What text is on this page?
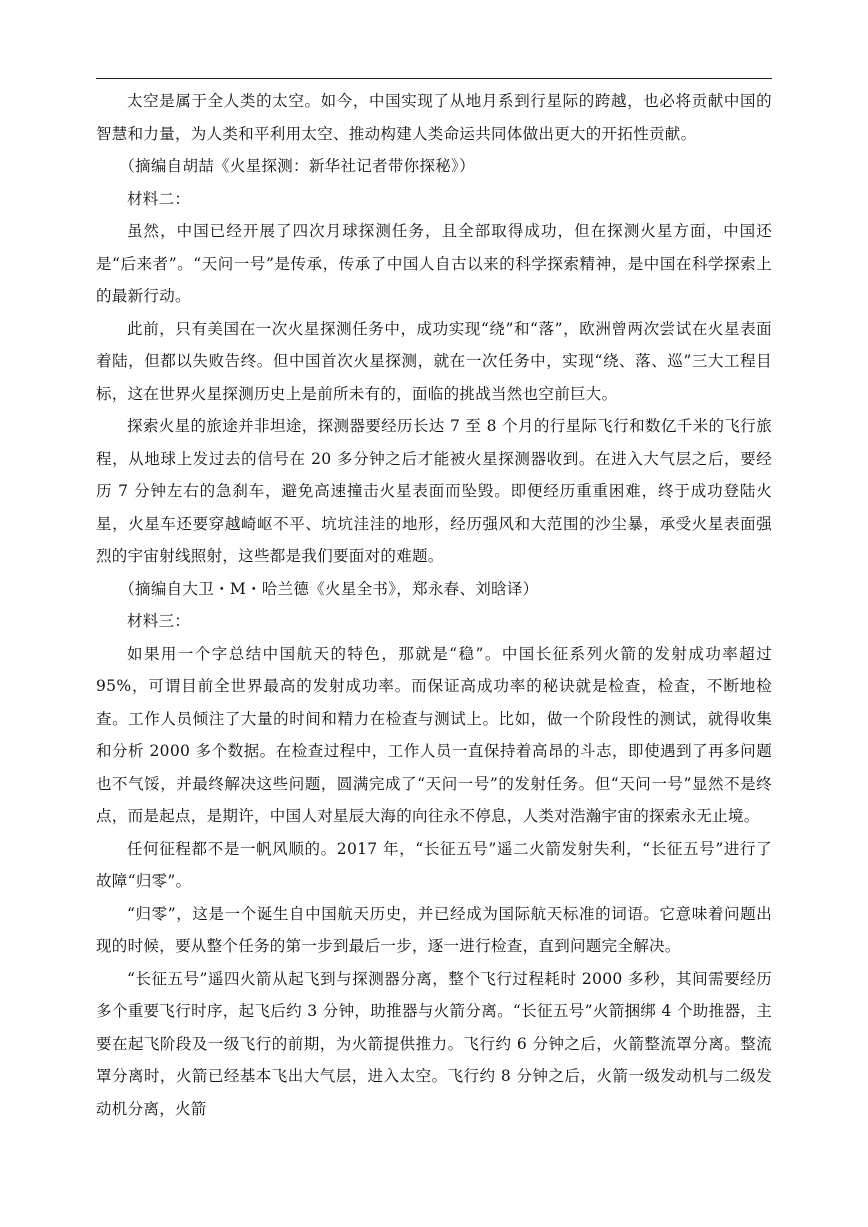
太空是属于全人类的太空。如今，中国实现了从地月系到行星际的跨越，也必将贡献中国的智慧和力量，为人类和平利用太空、推动构建人类命运共同体做出更大的开拓性贡献。

（摘编自胡喆《火星探测：新华社记者带你探秘》）

材料二：

虽然，中国已经开展了四次月球探测任务，且全部取得成功，但在探测火星方面，中国还是“后来者”。“天问一号”是传承，传承了中国人自古以来的科学探索精神，是中国在科学探索上的最新行动。

此前，只有美国在一次火星探测任务中，成功实现“绕”和“落”，欧洲曾两次尝试在火星表面着陆，但都以失败告终。但中国首次火星探测，就在一次任务中，实现“绕、落、巡”三大工程目标，这在世界火星探测历史上是前所未有的，面临的挑战当然也空前巨大。

探索火星的旅途并非坦途，探测器要经历长达 7 至 8 个月的行星际飞行和数亿千米的飞行旅程，从地球上发过去的信号在 20 多分钟之后才能被火星探测器收到。在进入大气层之后，要经历 7 分钟左右的急刹车，避免高速撞击火星表面而坠毁。即便经历重重困难，终于成功登陆火星，火星车还要穿越崎岖不平、坑坑洼洼的地形，经历强风和大范围的沙尘暴，承受火星表面强烈的宇宙射线照射，这些都是我们要面对的难题。

（摘编自大卫・M・哈兰德《火星全书》，郑永春、刘晗译）

材料三：

如果用一个字总结中国航天的特色，那就是“稳”。中国长征系列火箭的发射成功率超过 95%，可谓目前全世界最高的发射成功率。而保证高成功率的秘诀就是检查，检查，不断地检查。工作人员倾注了大量的时间和精力在检查与测试上。比如，做一个阶段性的测试，就得收集和分析 2000 多个数据。在检查过程中，工作人员一直保持着高昂的斗志，即使遇到了再多问题也不气馁，并最终解决这些问题，圆满完成了“天问一号”的发射任务。但“天问一号”显然不是终点，而是起点，是期许，中国人对星辰大海的向往永不停息，人类对浩瀚宇宙的探索永无止境。

任何征程都不是一帆风顺的。2017 年，“长征五号”遥二火箭发射失利，“长征五号”进行了故障“归零”。

“归零”，这是一个诞生自中国航天历史，并已经成为国际航天标准的词语。它意味着问题出现的时候，要从整个任务的第一步到最后一步，逐一进行检查，直到问题完全解决。

“长征五号”遥四火箭从起飞到与探测器分离，整个飞行过程耗时 2000 多秒，其间需要经历多个重要飞行时序，起飞后约 3 分钟，助推器与火箭分离。“长征五号”火箭捆绑 4 个助推器，主要在起飞阶段及一级飞行的前期，为火箭提供推力。飞行约 6 分钟之后，火箭整流罩分离。整流罩分离时，火箭已经基本飞出大气层，进入太空。飞行约 8 分钟之后，火箭一级发动机与二级发动机分离，火箭
